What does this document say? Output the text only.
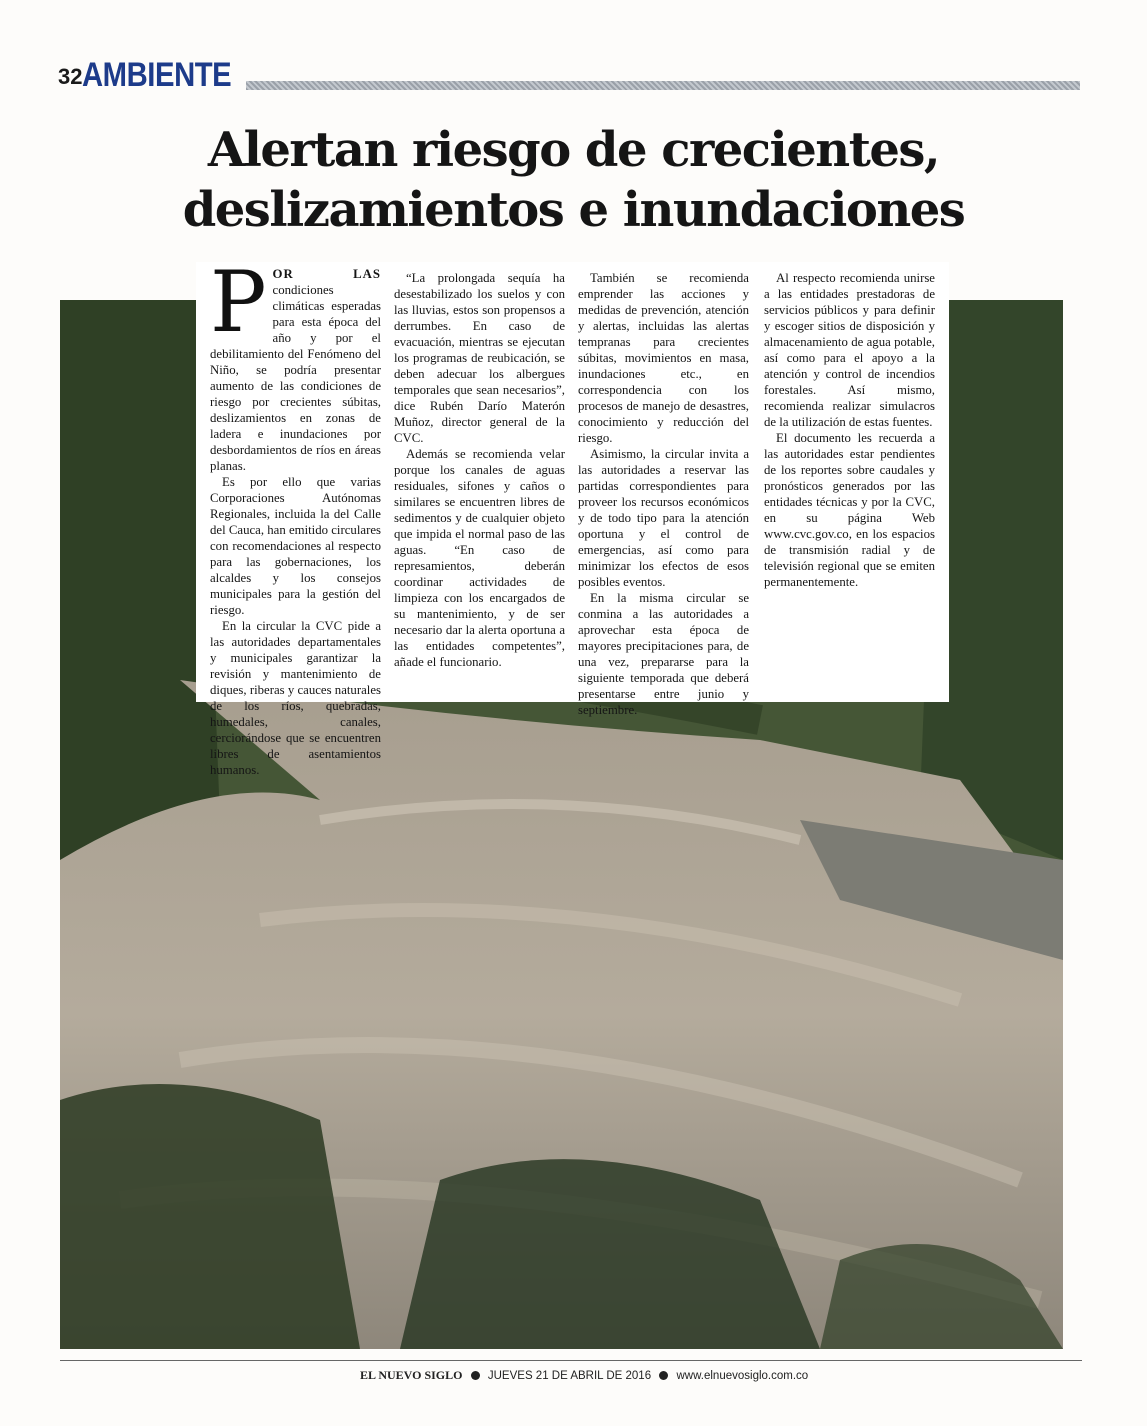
32 AMBIENTE
Alertan riesgo de crecientes,
deslizamientos e inundaciones

POR LAS condiciones climáticas esperadas para esta época del año y por el debilitamiento del Fenómeno del Niño, se podría presentar aumento de las condiciones de riesgo por crecientes súbitas, deslizamientos en zonas de ladera e inundaciones por desbordamientos de ríos en áreas planas.

Es por ello que varias Corporaciones Autónomas Regionales, incluida la del Calle del Cauca, han emitido circulares con recomendaciones al respecto para las gobernaciones, los alcaldes y los consejos municipales para la gestión del riesgo.

En la circular la CVC pide a las autoridades departamentales y municipales garantizar la revisión y mantenimiento de diques, riberas y cauces naturales de los ríos, quebradas, humedales, canales, cerciorándose que se encuentren libres de asentamientos humanos.

“La prolongada sequía ha desestabilizado los suelos y con las lluvias, estos son propensos a derrumbes. En caso de evacuación, mientras se ejecutan los programas de reubicación, se deben adecuar los albergues temporales que sean necesarios”, dice Rubén Darío Materón Muñoz, director general de la CVC.

Además se recomienda velar porque los canales de aguas residuales, sifones y caños o similares se encuentren libres de sedimentos y de cualquier objeto que impida el normal paso de las aguas. “En caso de represamientos, deberán coordinar actividades de limpieza con los encargados de su mantenimiento, y de ser necesario dar la alerta oportuna a las entidades competentes”, añade el funcionario.

También se recomienda emprender las acciones y medidas de prevención, atención y alertas, incluidas las alertas tempranas para crecientes súbitas, movimientos en masa, inundaciones etc., en correspondencia con los procesos de manejo de desastres, conocimiento y reducción del riesgo.

Asimismo, la circular invita a las autoridades a reservar las partidas correspondientes para proveer los recursos económicos y de todo tipo para la atención oportuna y el control de emergencias, así como para minimizar los efectos de esos posibles eventos.

En la misma circular se conmina a las autoridades a aprovechar esta época de mayores precipitaciones para, de una vez, prepararse para la siguiente temporada que deberá presentarse entre junio y septiembre.

Al respecto recomienda unirse a las entidades prestadoras de servicios públicos y para definir y escoger sitios de disposición y almacenamiento de agua potable, así como para el apoyo a la atención y control de incendios forestales. Así mismo, recomienda realizar simulacros de la utilización de estas fuentes.

El documento les recuerda a las autoridades estar pendientes de los reportes sobre caudales y pronósticos generados por las entidades técnicas y por la CVC, en su página Web www.cvc.gov.co, en los espacios de transmisión radial y de televisión regional que se emiten permanentemente.

EL NUEVO SIGLO JUEVES 21 DE ABRIL DE 2016 www.elnuevosiglo.com.co
